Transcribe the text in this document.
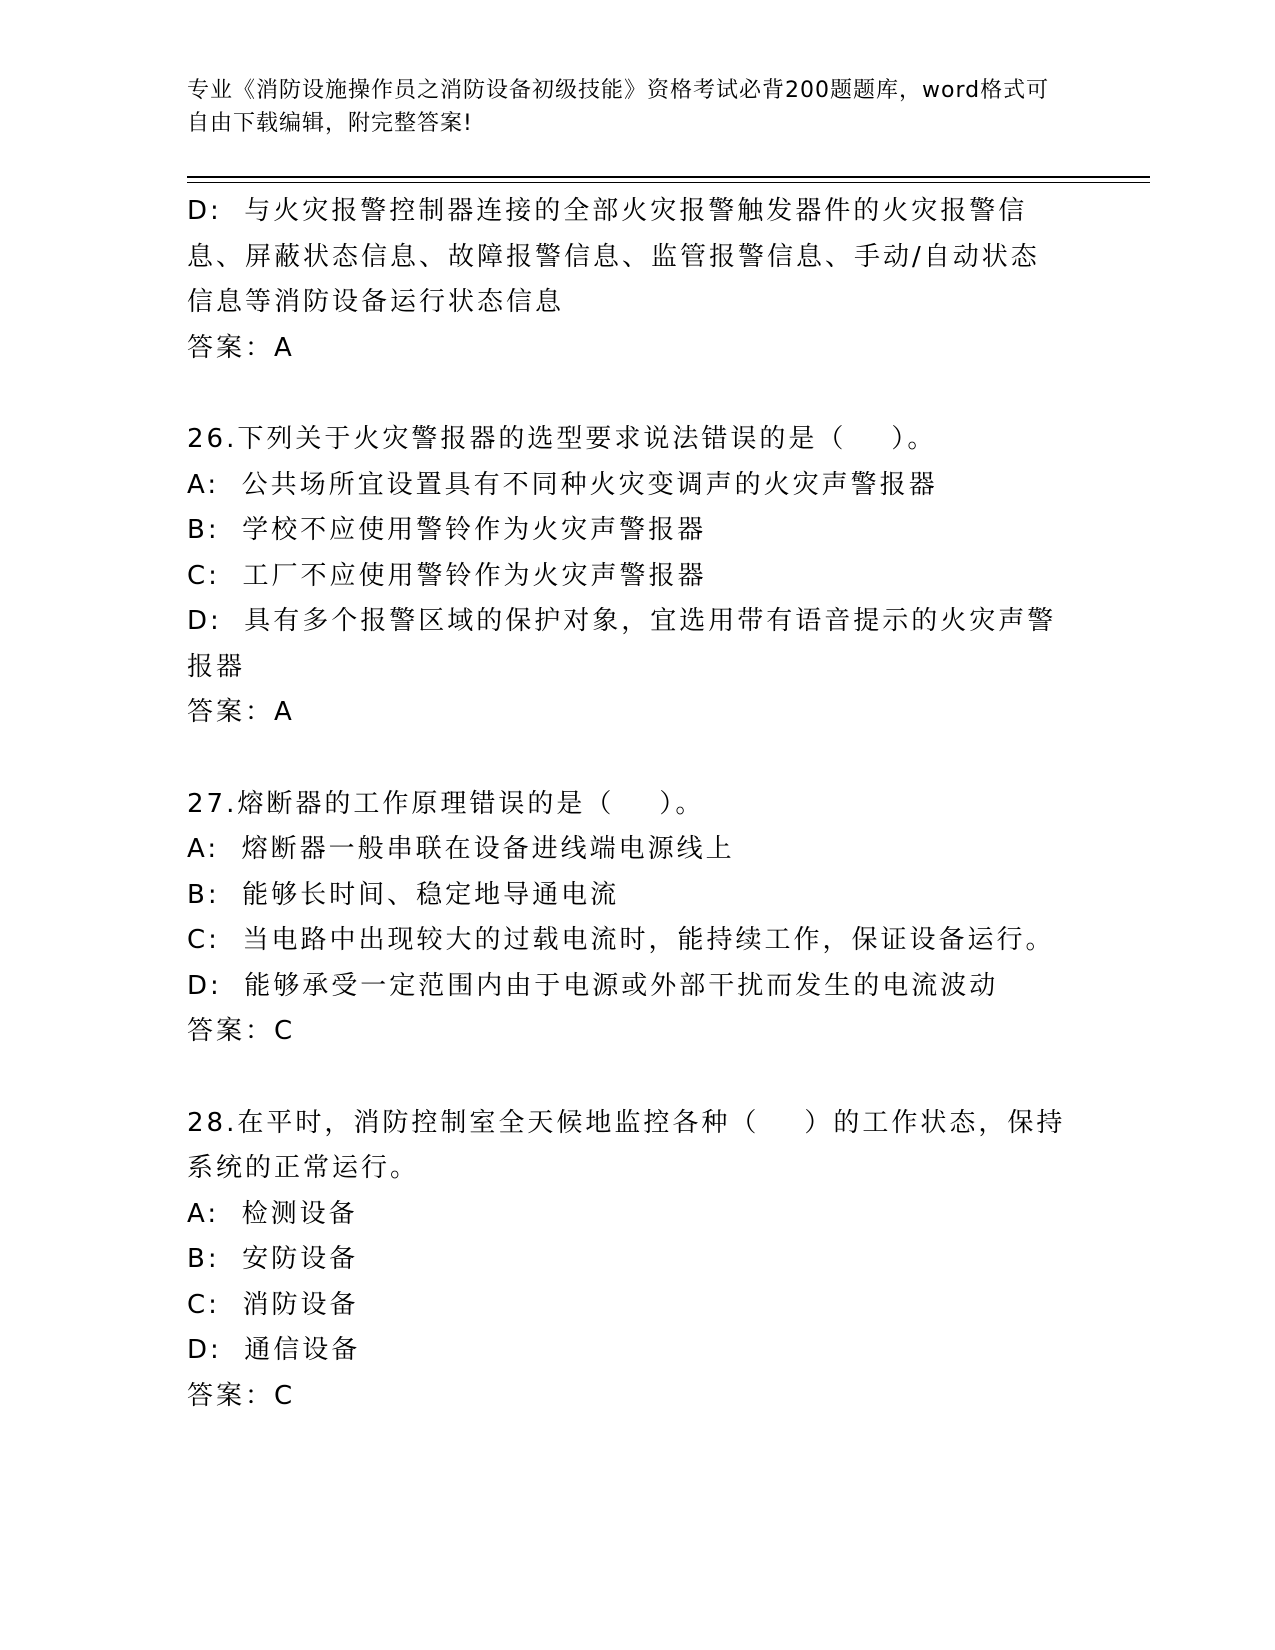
专业《消防设施操作员之消防设备初级技能》资格考试必背200题题库，word格式可自由下载编辑，附完整答案!
D:  与火灾报警控制器连接的全部火灾报警触发器件的火灾报警信息、屏蔽状态信息、故障报警信息、监管报警信息、手动/自动状态信息等消防设备运行状态信息
答案：A
26.下列关于火灾警报器的选型要求说法错误的是（    ）。
A:  公共场所宜设置具有不同种火灾变调声的火灾声警报器
B:  学校不应使用警铃作为火灾声警报器
C:  工厂不应使用警铃作为火灾声警报器
D:  具有多个报警区域的保护对象，宜选用带有语音提示的火灾声警报器
答案：A
27.熔断器的工作原理错误的是（    ）。
A:  熔断器一般串联在设备进线端电源线上
B:  能够长时间、稳定地导通电流
C:  当电路中出现较大的过载电流时，能持续工作，保证设备运行。
D:  能够承受一定范围内由于电源或外部干扰而发生的电流波动
答案：C
28.在平时，消防控制室全天候地监控各种（    ）的工作状态，保持系统的正常运行。
A:  检测设备
B:  安防设备
C:  消防设备
D:  通信设备
答案：C
